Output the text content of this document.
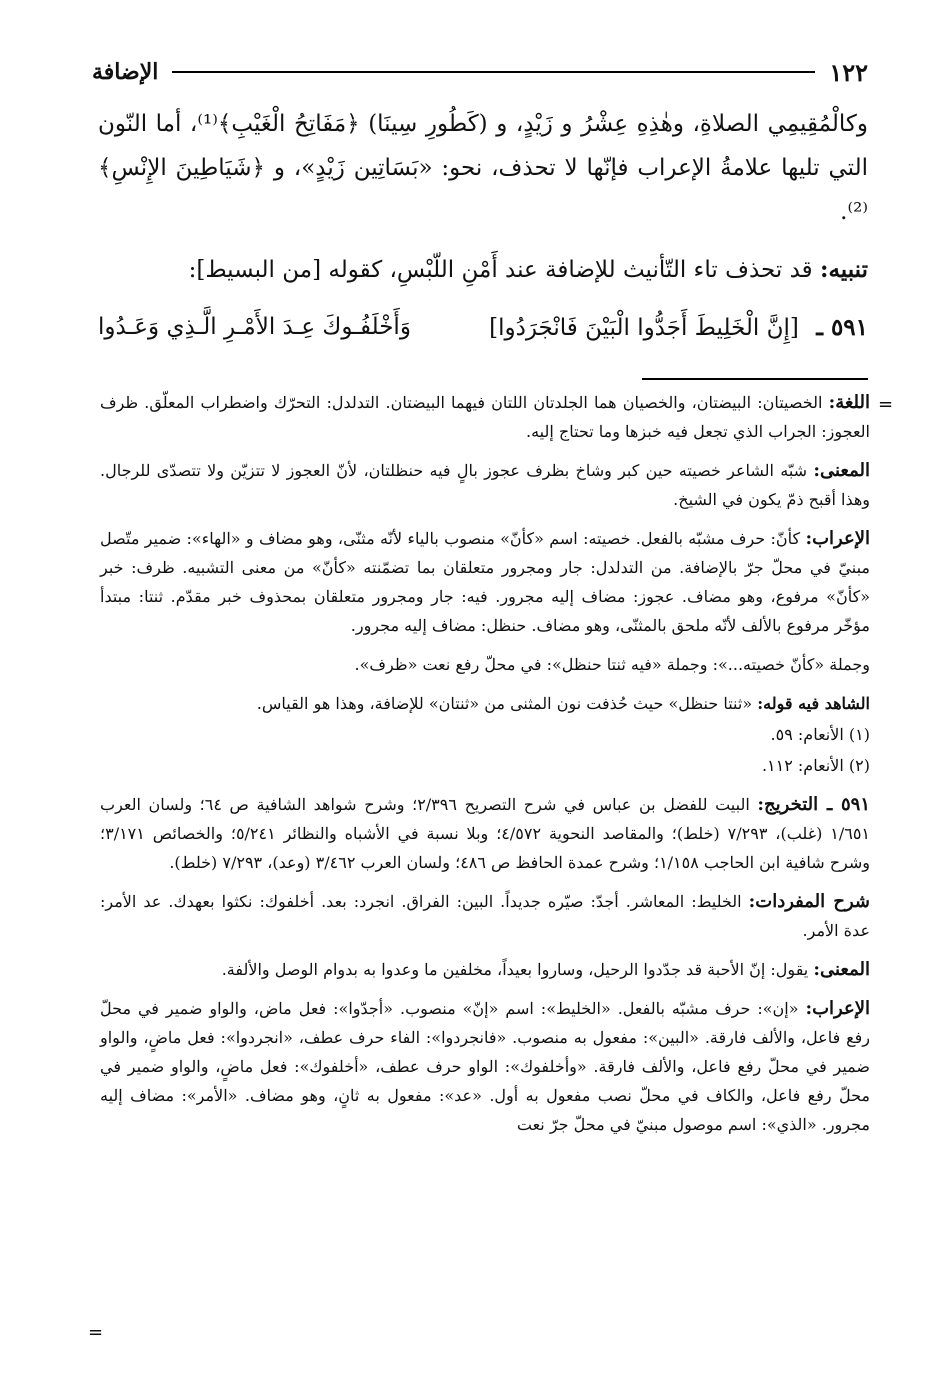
١٢٢
الإضافة

وكالْمُقِيمِي الصلاةِ، وهٰذِهِ عِشْرُ و زَيْدٍ، و (كَطُورِ سِينَا) ﴿مَفَاتِحُ الْغَيْبِ﴾⁽¹⁾، أما النّون التي تليها علامةُ الإعراب فإنّها لا تحذف، نحو: «بَسَاتِين زَيْدٍ»، و ﴿شَيَاطِينَ الإِنْسِ﴾⁽²⁾.

تنبيه: قد تحذف تاء التّأنيث للإضافة عند أَمْنِ اللّبْسِ، كقوله [من البسيط]:

٥٩١ ـ [إِنَّ الْخَلِيطَ أَجَدُّوا الْبَيْنَ فَانْجَرَدُوا]
وَأَخْلَفُـوكَ عِـدَ الأَمْـرِ الَّـذِي وَعَـدُوا
=

اللغة: الخصيتان: البيضتان، والخصيان هما الجلدتان اللتان فيهما البيضتان. التدلدل: التحرّك واضطراب المعلّق. ظرف العجوز: الجراب الذي تجعل فيه خبزها وما تحتاج إليه.

المعنى: شبّه الشاعر خصيته حين كبر وشاخ بظرف عجوز بالٍ فيه حنظلتان، لأنّ العجوز لا تتزيّن ولا تتصدّى للرجال. وهذا أقبح ذمّ يكون في الشيخ.

الإعراب: كأنّ: حرف مشبّه بالفعل. خصيته: اسم «كأنّ» منصوب بالياء لأنّه مثنّى، وهو مضاف و «الهاء»: ضمير متّصل مبنيّ في محلّ جرّ بالإضافة. من التدلدل: جار ومجرور متعلقان بما تضمّنته «كأنّ» من معنى التشبيه. ظرف: خبر «كأنّ» مرفوع، وهو مضاف. عجوز: مضاف إليه مجرور. فيه: جار ومجرور متعلقان بمحذوف خبر مقدّم. ثنتا: مبتدأ مؤخّر مرفوع بالألف لأنّه ملحق بالمثنّى، وهو مضاف. حنظل: مضاف إليه مجرور.

وجملة «كأنّ خصيته...»: وجملة «فيه ثنتا حنظل»: في محلّ رفع نعت «ظرف».

الشاهد فيه قوله: «ثنتا حنظل» حيث حُذفت نون المثنى من «ثنتان» للإضافة، وهذا هو القياس.

(١) الأنعام: ٥٩.

(٢) الأنعام: ١١٢.

٥٩١ ـ التخريج: البيت للفضل بن عباس في شرح التصريح ٢/٣٩٦؛ وشرح شواهد الشافية ص ٦٤؛ ولسان العرب ١/٦٥١ (غلب)، ٧/٢٩٣ (خلط)؛ والمقاصد النحوية ٤/٥٧٢؛ وبلا نسبة في الأشباه والنظائر ٥/٢٤١؛ والخصائص ٣/١٧١؛ وشرح شافية ابن الحاجب ١/١٥٨؛ وشرح عمدة الحافظ ص ٤٨٦؛ ولسان العرب ٣/٤٦٢ (وعد)، ٧/٢٩٣ (خلط).

شرح المفردات: الخليط: المعاشر. أجدّ: صيّره جديداً. البين: الفراق. انجرد: بعد. أخلفوك: نكثوا بعهدك. عد الأمر: عدة الأمر.

المعنى: يقول: إنّ الأحبة قد جدّدوا الرحيل، وساروا بعيداً، مخلفين ما وعدوا به بدوام الوصل والألفة.

الإعراب: «إن»: حرف مشبّه بالفعل. «الخليط»: اسم «إنّ» منصوب. «أجدّوا»: فعل ماض، والواو ضمير في محلّ رفع فاعل، والألف فارقة. «البين»: مفعول به منصوب. «فانجردوا»: الفاء حرف عطف، «انجردوا»: فعل ماضٍ، والواو ضمير في محلّ رفع فاعل، والألف فارقة. «وأخلفوك»: الواو حرف عطف، «أخلفوك»: فعل ماضٍ، والواو ضمير في محلّ رفع فاعل، والكاف في محلّ نصب مفعول به أول. «عد»: مفعول به ثانٍ، وهو مضاف. «الأمر»: مضاف إليه مجرور. «الذي»: اسم موصول مبنيّ في محلّ جرّ نعت

=
